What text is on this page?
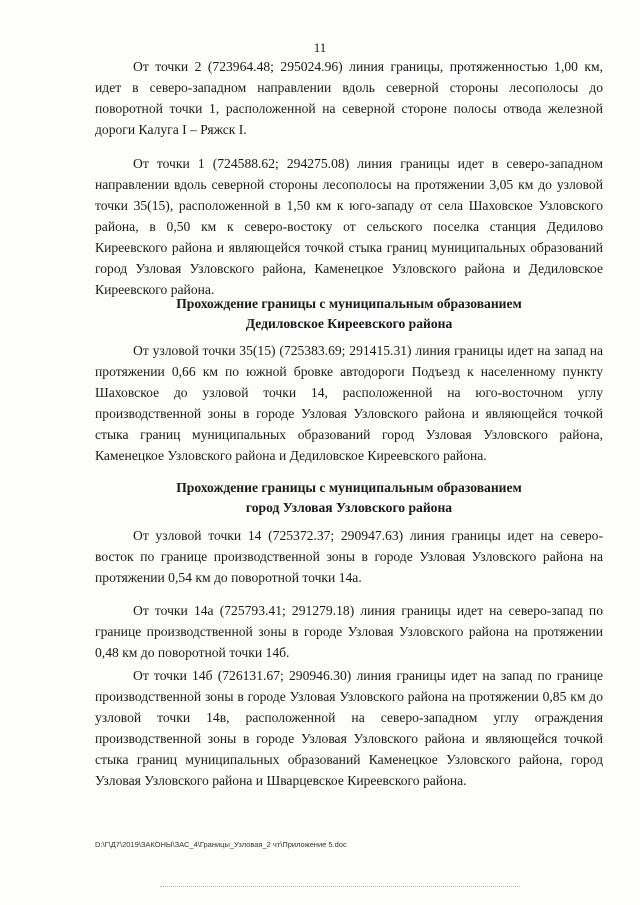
11

От точки 2 (723964.48; 295024.96) линия границы, протяженностью 1,00 км, идет в северо-западном направлении вдоль северной стороны лесополосы до поворотной точки 1, расположенной на северной стороне полосы отвода железной дороги Калуга I – Ряжск I.

От точки 1 (724588.62; 294275.08) линия границы идет в северо-западном направлении вдоль северной стороны лесополосы на протяжении 3,05 км до узловой точки 35(15), расположенной в 1,50 км к юго-западу от села Шаховское Узловского района, в 0,50 км к северо-востоку от сельского поселка станция Дедилово Киреевского района и являющейся точкой стыка границ муниципальных образований город Узловая Узловского района, Каменецкое Узловского района и Дедиловское Киреевского района.

Прохождение границы с муниципальным образованием
Дедиловское Киреевского района

От узловой точки 35(15) (725383.69; 291415.31) линия границы идет на запад на протяжении 0,66 км по южной бровке автодороги Подъезд к населенному пункту Шаховское до узловой точки 14, расположенной на юго-восточном углу производственной зоны в городе Узловая Узловского района и являющейся точкой стыка границ муниципальных образований город Узловая Узловского района, Каменецкое Узловского района и Дедиловское Киреевского района.

Прохождение границы с муниципальным образованием
город Узловая Узловского района

От узловой точки 14 (725372.37; 290947.63) линия границы идет на северо-восток по границе производственной зоны в городе Узловая Узловского района на протяжении 0,54 км до поворотной точки 14а.

От точки 14а (725793.41; 291279.18) линия границы идет на северо-запад по границе производственной зоны в городе Узловая Узловского района на протяжении 0,48 км до поворотной точки 14б.

От точки 14б (726131.67; 290946.30) линия границы идет на запад по границе производственной зоны в городе Узловая Узловского района на протяжении 0,85 км до узловой точки 14в, расположенной на северо-западном углу ограждения производственной зоны в городе Узловая Узловского района и являющейся точкой стыка границ муниципальных образований Каменецкое Узловского района, город Узловая Узловского района и Шварцевское Киреевского района.

D:\Г\Д7\2019\ЗАКОНЫ\ЗАС_4\Границы_Узловая_2 чт\Приложение 5.doc
